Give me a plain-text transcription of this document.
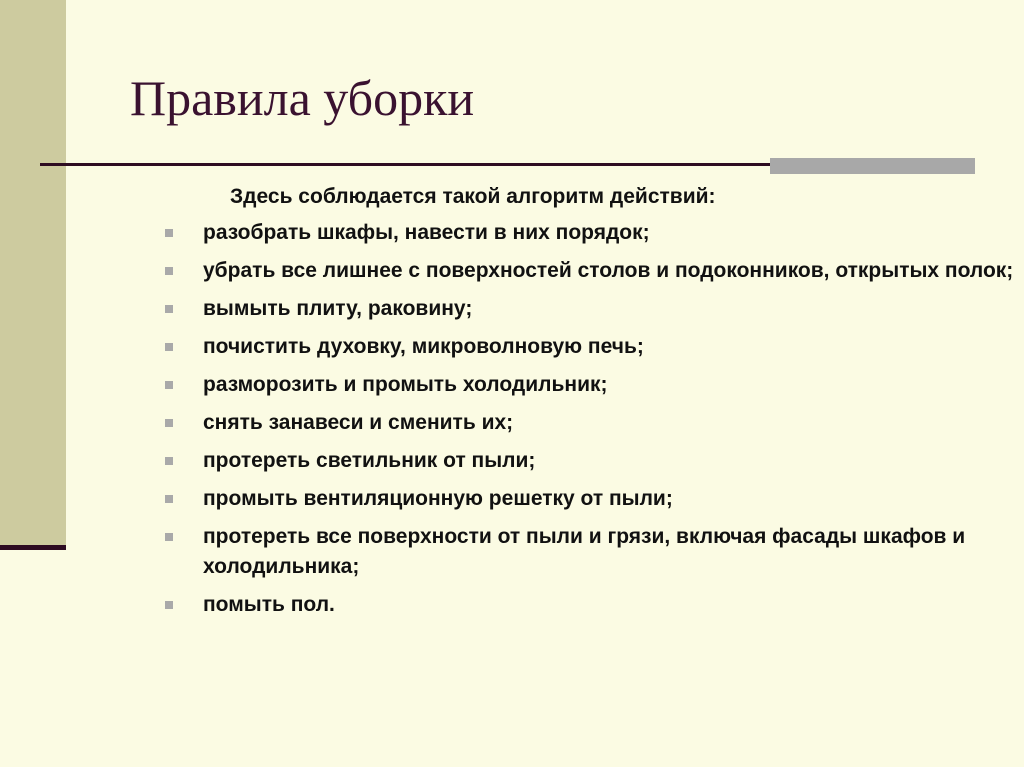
Правила уборки
Здесь соблюдается такой алгоритм действий:
разобрать шкафы, навести в них порядок;
убрать все лишнее с поверхностей столов и подоконников, открытых полок;
вымыть плиту, раковину;
почистить духовку, микроволновую печь;
разморозить и промыть холодильник;
снять занавеси и сменить их;
протереть светильник от пыли;
промыть вентиляционную решетку от пыли;
протереть все поверхности от пыли и грязи, включая фасады шкафов и холодильника;
помыть пол.
